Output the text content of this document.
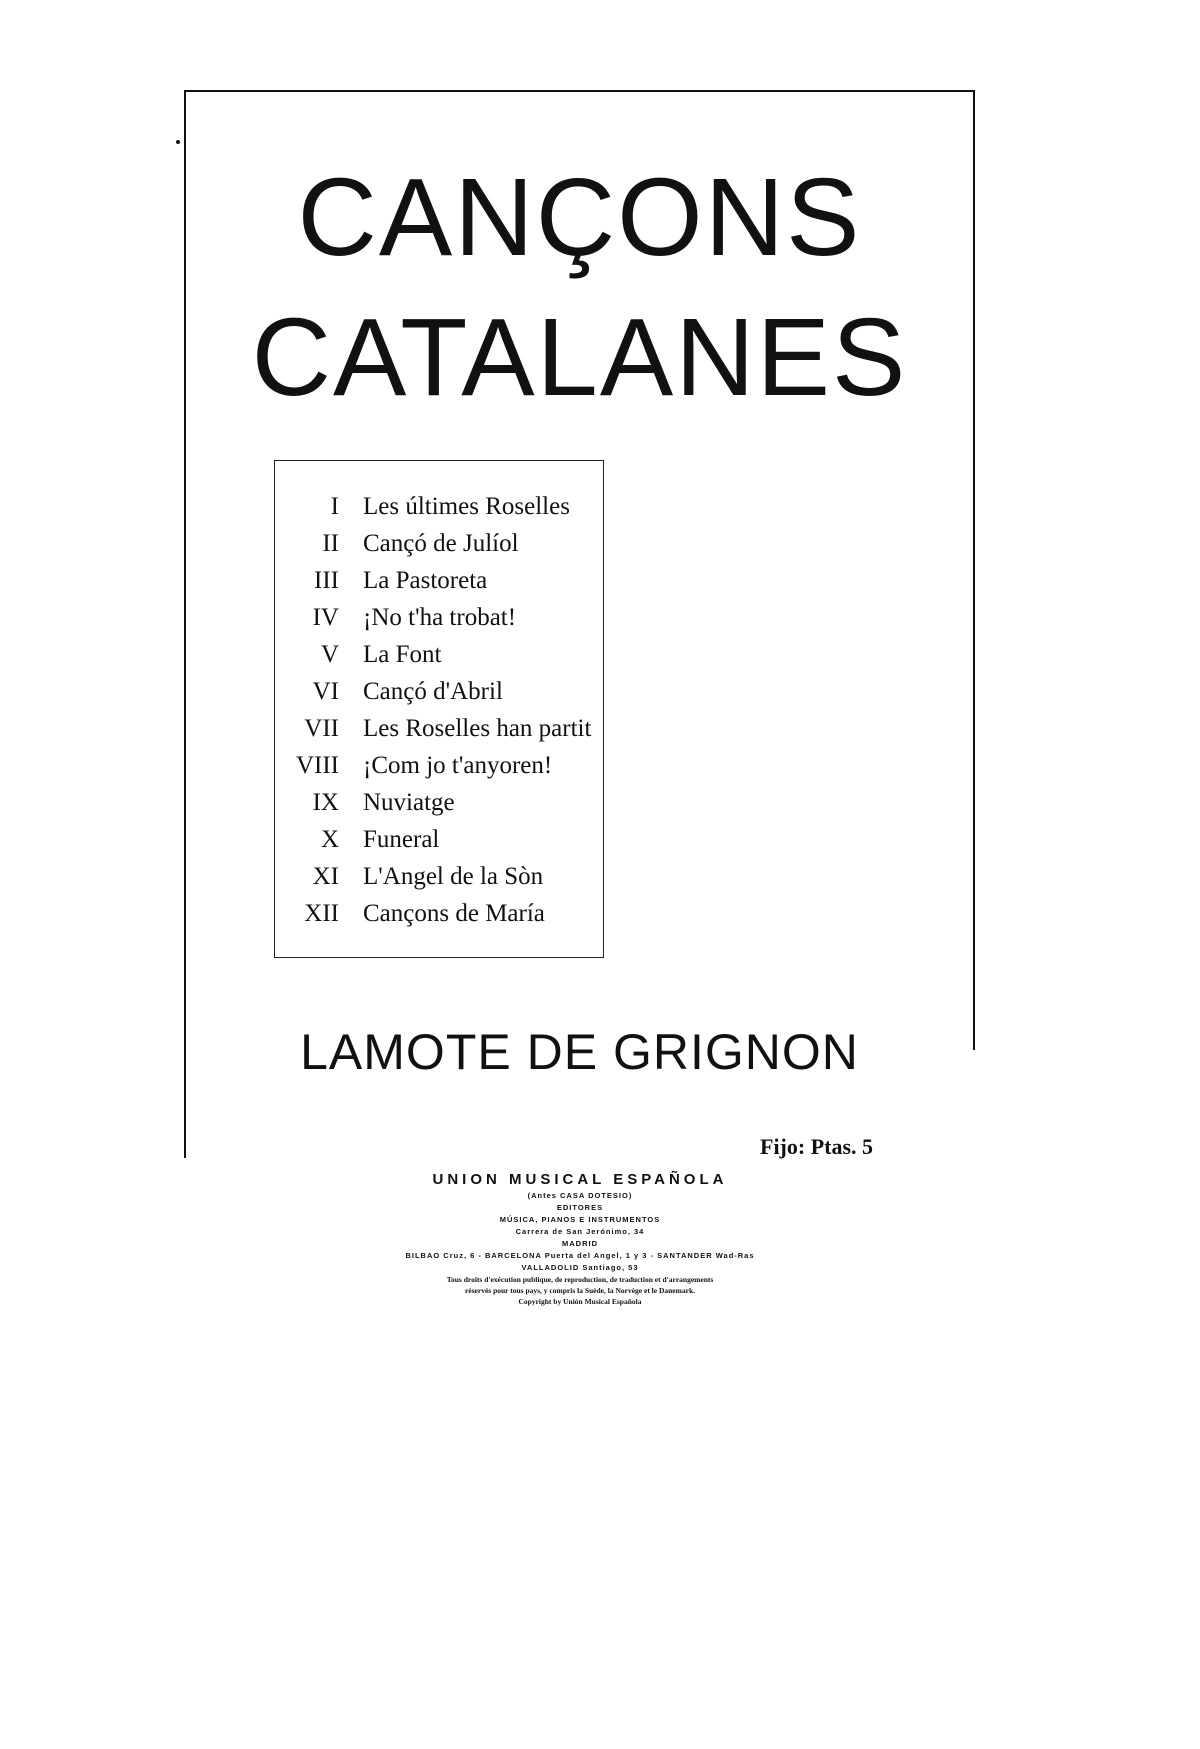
CANÇONS
CATALANES
I Les últimes Roselles
II Cançó de Julíol
III La Pastoreta
IV ¡No t'ha trobat!
V La Font
VI Cançó d'Abril
VII Les Roselles han partit
VIII ¡Com jo t'anyoren!
IX Nuviatge
X Funeral
XI L'Angel de la Sòn
XII Cançons de María
LAMOTE DE GRIGNON
Fijo: Ptas. 5
UNION MUSICAL ESPAÑOLA
(Antes CASA DOTESIO)
EDITORES
MÚSICA, PIANOS E INSTRUMENTOS
Carrera de San Jerónimo, 34
MADRID
BILBAO Cruz, 6 - BARCELONA Puerta del Angel, 1 y 3 - SANTANDER Wad-Ras
VALLADOLID Santiago, 53
Tous droits d'exécution publique, de reproduction, de traduction et d'arrangements
réservés pour tous pays, y compris la Suède, la Norvège et le Danemark.
Copyright by Unión Musical Española
